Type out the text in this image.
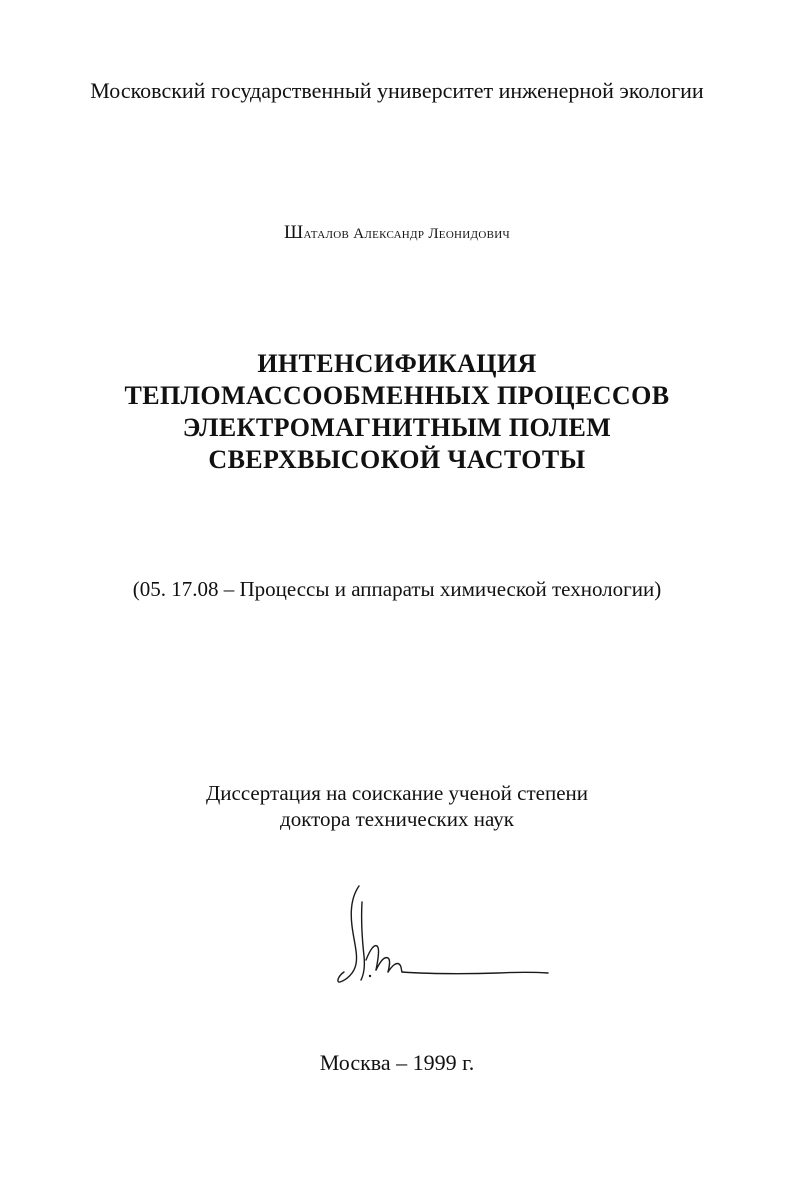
Московский государственный университет инженерной экологии
Шаталов Александр Леонидович
ИНТЕНСИФИКАЦИЯ
ТЕПЛОМАССООБМЕННЫХ ПРОЦЕССОВ
ЭЛЕКТРОМАГНИТНЫМ ПОЛЕМ
СВЕРХВЫСОКОЙ ЧАСТОТЫ
(05. 17.08 – Процессы и аппараты химической технологии)
Диссертация на соискание ученой степени
доктора технических наук
Москва – 1999 г.
